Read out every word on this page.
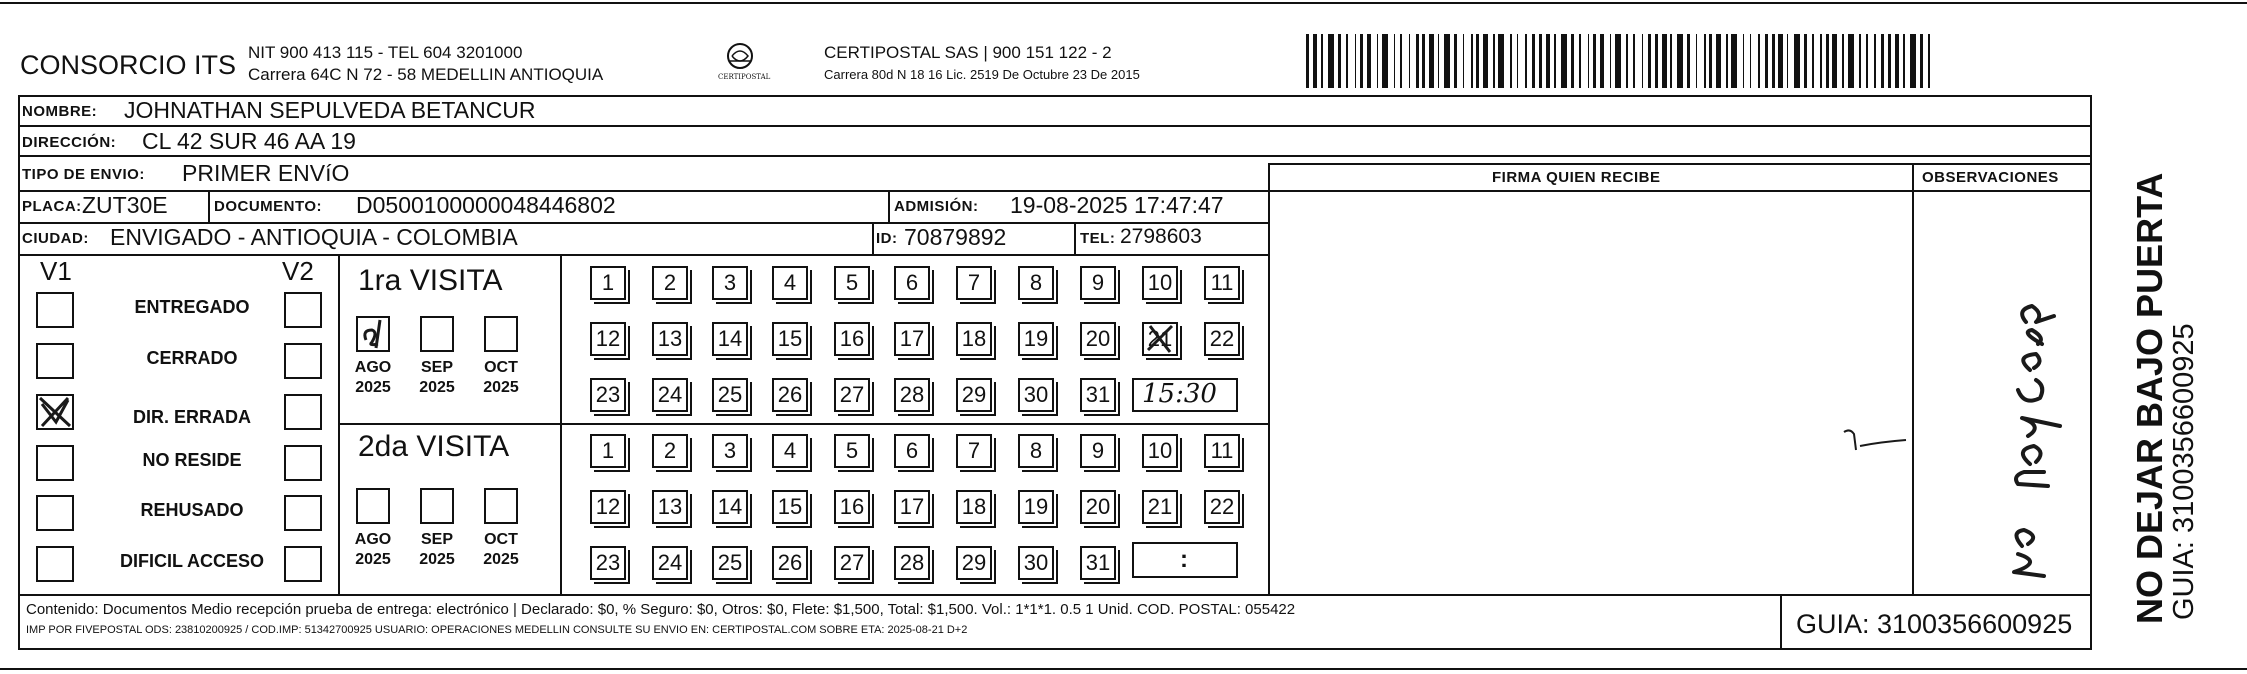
CONSORCIO ITS NIT 900 413 115 - TEL 604 3201000
Carrera 64C N 72 - 58 MEDELLIN ANTIOQUIA	CERTIPOSTAL
CERTIPOSTAL SAS | 900 151 122 - 2
Carrera 80d N 18 16 Lic. 2519 De Octubre 23 De 2015
NOMBRE: JOHNATHAN SEPULVEDA BETANCUR
DIRECCIÓN: CL 42 SUR 46 AA 19
TIPO DE ENVIO: PRIMER ENVíO	FIRMA QUIEN RECIBE	OBSERVACIONES
PLACA: ZUT30E	DOCUMENTO: D0500100000048446802	ADMISIÓN: 19-08-2025 17:47:47
CIUDAD: ENVIGADO - ANTIOQUIA - COLOMBIA	ID: 70879892	TEL: 2798603
V1	V2
ENTREGADO
CERRADO
DIR. ERRADA
NO RESIDE
REHUSADO
DIFICIL ACCESO
1ra VISITA
2da VISITA
AGO
2025
SEP
2025
OCT
2025
AGO
2025
SEP
2025
OCT
2025
1	2	3	4	5	6	7	8	9	10 11
12 13 14 15 16 17 18 19 20 21 22
23 24 25 26 27 28 29 30 31
1	2	3	4	5	6	7	8	9	10 11
12 13 14 15 16 17 18 19 20 21 22
23 24 25 26 27 28 29 30 31
15:30
:
Contenido: Documentos Medio recepción prueba de entrega: electrónico | Declarado: $0, % Seguro: $0, Otros: $0, Flete: $1,500, Total: $1,500. Vol.: 1*1*1. 0.5 1 Unid. COD. POSTAL: 055422
IMP POR FIVEPOSTAL ODS: 23810200925 / COD.IMP: 51342700925 USUARIO: OPERACIONES MEDELLIN CONSULTE SU ENVIO EN: CERTIPOSTAL.COM SOBRE ETA: 2025-08-21 D+2	GUIA: 3100356600925 NO DEJAR BAJO PUERTA
GUIA: 3100356600925
